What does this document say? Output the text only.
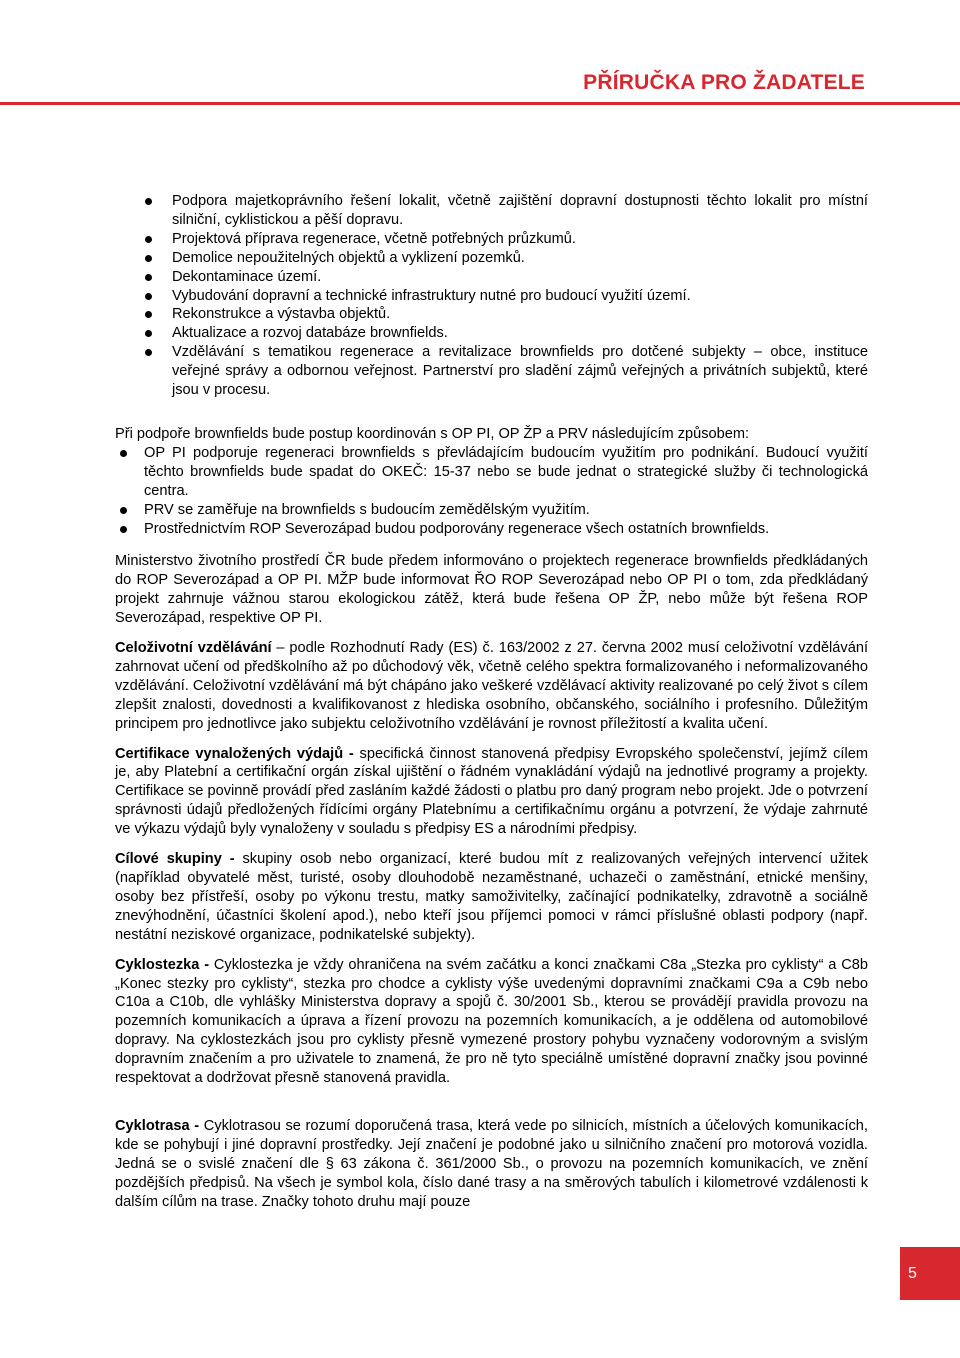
PŘÍRUČKA PRO ŽADATELE
Podpora majetkoprávního řešení lokalit, včetně zajištění dopravní dostupnosti těchto lokalit pro místní silniční, cyklistickou a pěší dopravu.
Projektová příprava regenerace, včetně potřebných průzkumů.
Demolice nepoužitelných objektů a vyklizení pozemků.
Dekontaminace území.
Vybudování dopravní a technické infrastruktury nutné pro budoucí využití území.
Rekonstrukce a výstavba objektů.
Aktualizace a rozvoj databáze brownfields.
Vzdělávání s tematikou regenerace a revitalizace brownfields pro dotčené subjekty – obce, instituce veřejné správy a odbornou veřejnost. Partnerství pro sladění zájmů veřejných a privátních subjektů, které jsou v procesu.

Při podpoře brownfields bude postup koordinován s OP PI, OP ŽP a PRV následujícím způsobem:

OP PI podporuje regeneraci brownfields s převládajícím budoucím využitím pro podnikání. Budoucí využití těchto brownfields bude spadat do OKEČ: 15-37 nebo se bude jednat o strategické služby či technologická centra.
PRV se zaměřuje na brownfields s budoucím zemědělským využitím.
Prostřednictvím ROP Severozápad budou podporovány regenerace všech ostatních brownfields.

Ministerstvo životního prostředí ČR bude předem informováno o projektech regenerace brownfields předkládaných do ROP Severozápad a OP PI. MŽP bude informovat ŘO ROP Severozápad nebo OP PI o tom, zda předkládaný projekt zahrnuje vážnou starou ekologickou zátěž, která bude řešena OP ŽP, nebo může být řešena ROP Severozápad, respektive OP PI.

Celoživotní vzdělávání – podle Rozhodnutí Rady (ES) č. 163/2002 z 27. června 2002 musí celoživotní vzdělávání zahrnovat učení od předškolního až po důchodový věk, včetně celého spektra formalizovaného i neformalizovaného vzdělávání. Celoživotní vzdělávání má být chápáno jako veškeré vzdělávací aktivity realizované po celý život s cílem zlepšit znalosti, dovednosti a kvalifikovanost z hlediska osobního, občanského, sociálního i profesního. Důležitým principem pro jednotlivce jako subjektu celoživotního vzdělávání je rovnost příležitostí a kvalita učení.

Certifikace vynaložených výdajů - specifická činnost stanovená předpisy Evropského společenství, jejímž cílem je, aby Platební a certifikační orgán získal ujištění o řádném vynakládání výdajů na jednotlivé programy a projekty. Certifikace se povinně provádí před zasláním každé žádosti o platbu pro daný program nebo projekt. Jde o potvrzení správnosti údajů předložených řídícími orgány Platebnímu a certifikačnímu orgánu a potvrzení, že výdaje zahrnuté ve výkazu výdajů byly vynaloženy v souladu s předpisy ES a národními předpisy.

Cílové skupiny - skupiny osob nebo organizací, které budou mít z realizovaných veřejných intervencí užitek (například obyvatelé měst, turisté, osoby dlouhodobě nezaměstnané, uchazeči o zaměstnání, etnické menšiny, osoby bez přístřeší, osoby po výkonu trestu, matky samoživitelky, začínající podnikatelky, zdravotně a sociálně znevýhodnění, účastníci školení apod.), nebo kteří jsou příjemci pomoci v rámci příslušné oblasti podpory (např. nestátní neziskové organizace, podnikatelské subjekty).

Cyklostezka - Cyklostezka je vždy ohraničena na svém začátku a konci značkami C8a „Stezka pro cyklisty“ a C8b „Konec stezky pro cyklisty“, stezka pro chodce a cyklisty výše uvedenými dopravními značkami C9a a C9b nebo C10a a C10b, dle vyhlášky Ministerstva dopravy a spojů č. 30/2001 Sb., kterou se provádějí pravidla provozu na pozemních komunikacích a úprava a řízení provozu na pozemních komunikacích, a je oddělena od automobilové dopravy. Na cyklostezkách jsou pro cyklisty přesně vymezené prostory pohybu vyznačeny vodorovným a svislým dopravním značením a pro uživatele to znamená, že pro ně tyto speciálně umístěné dopravní značky jsou povinné respektovat a dodržovat přesně stanovená pravidla.

Cyklotrasa - Cyklotrasou se rozumí doporučená trasa, která vede po silnicích, místních a účelových komunikacích, kde se pohybují i jiné dopravní prostředky. Její značení je podobné jako u silničního značení pro motorová vozidla. Jedná se o svislé značení dle § 63 zákona č. 361/2000 Sb., o provozu na pozemních komunikacích, ve znění pozdějších předpisů. Na všech je symbol kola, číslo dané trasy a na směrových tabulích i kilometrové vzdálenosti k dalším cílům na trase. Značky tohoto druhu mají pouze

5
